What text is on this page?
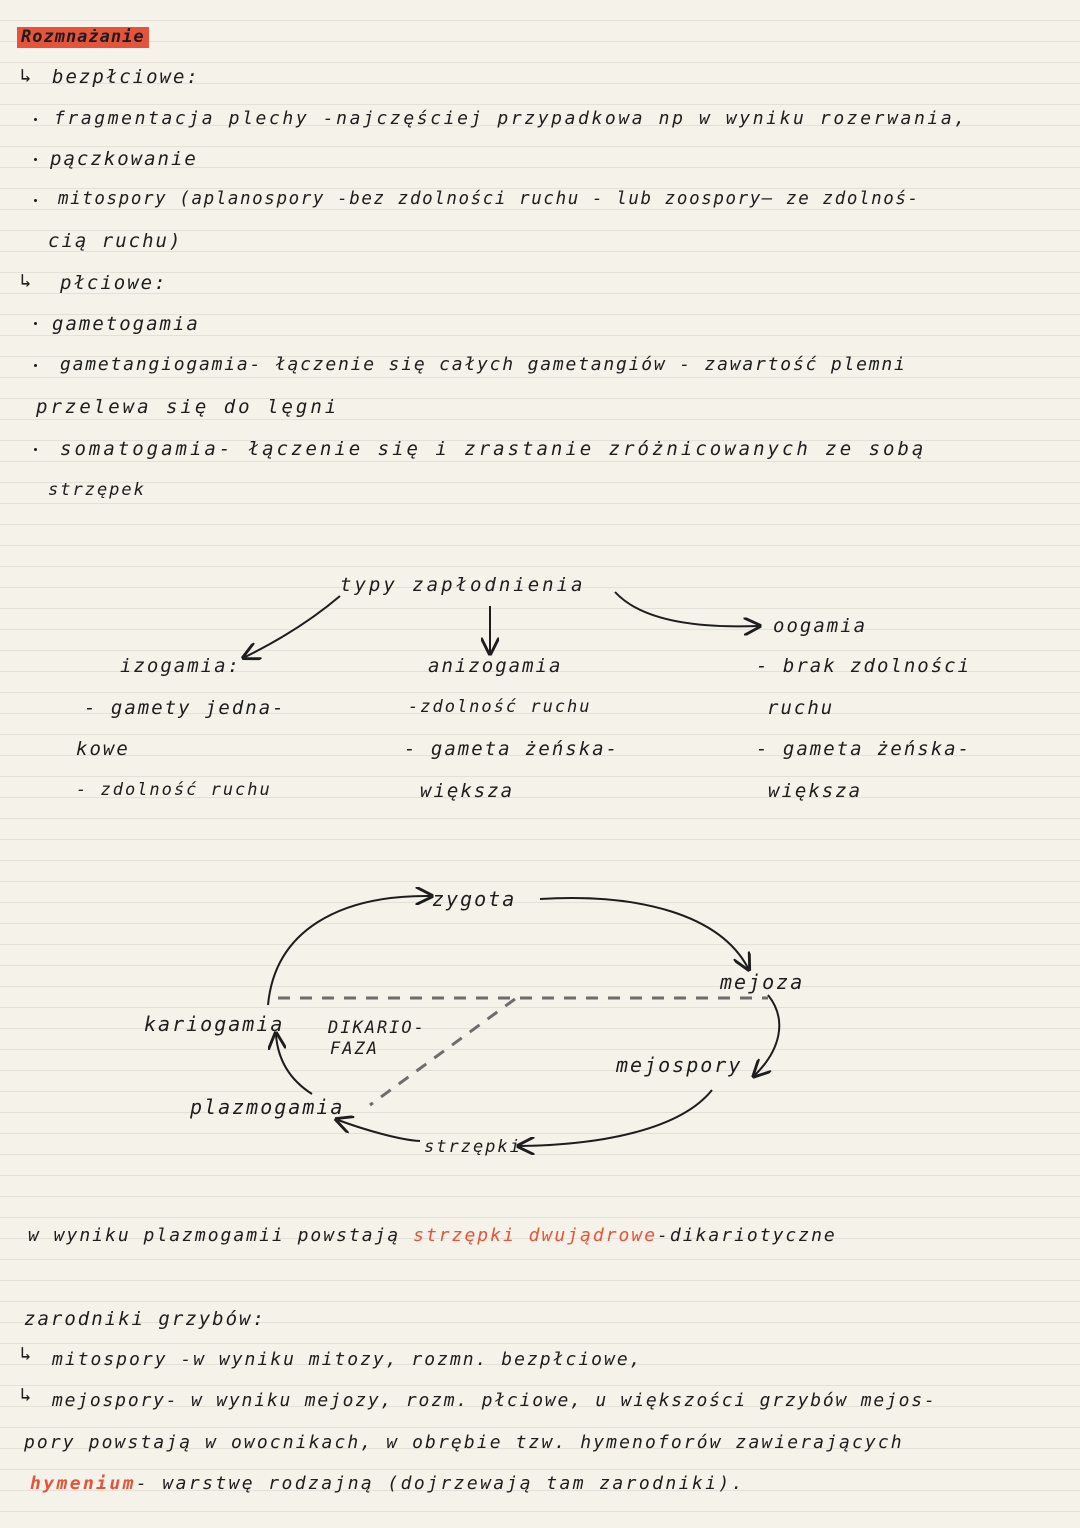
Rozmnażanie
↳ bezpłciowe:
fragmentacja plechy -najczęściej przypadkowa np w wyniku rozerwania,
pączkowanie
mitospory (aplanospory -bez zdolności ruchu - lub zoospory— ze zdolnoś-
cią ruchu)
↳ płciowe:
gametogamia
gametangiogamia- łączenie się całych gametangiów - zawartość plemni
przelewa się do lęgni
somatogamia- łączenie się i zrastanie zróżnicowanych ze sobą
strzępek
typy zapłodnienia
izogamia:
- gamety jedna-
kowe
- zdolność ruchu
anizogamia
-zdolność ruchu
- gameta żeńska-
większa
oogamia
- brak zdolności
ruchu
- gameta żeńska-
większa
zygota
mejoza
mejospory
strzępki
plazmogamia
kariogamia	DIKARIO-
FAZA
w wyniku plazmogamii powstają strzępki dwujądrowe-dikariotyczne
zarodniki grzybów:
↳ mitospory -w wyniku mitozy, rozmn. bezpłciowe,
↳ mejospory- w wyniku mejozy, rozm. płciowe, u większości grzybów mejos-
pory powstają w owocnikach, w obrębie tzw. hymenoforów zawierających
hymenium- warstwę rodzajną (dojrzewają tam zarodniki).
